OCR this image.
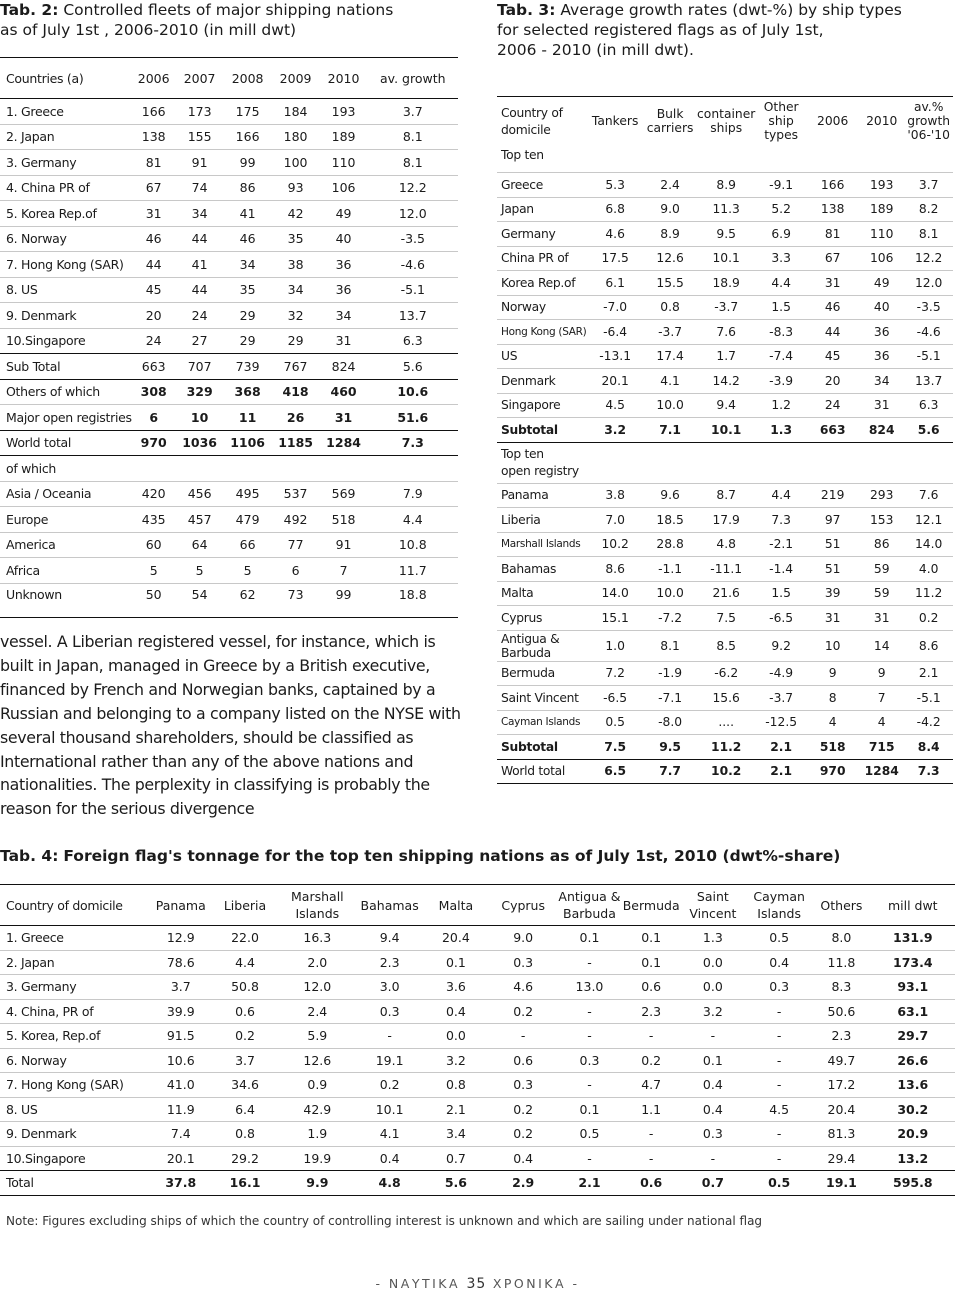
Tab. 2: Controlled fleets of major shipping nations
as of July 1st , 2006-2010 (in mill dwt)
Countries (a)	2006	2007	2008	2009	2010	av. growth
1. Greece	166	173	175	184	193	3.7
2. Japan	138	155	166	180	189	8.1
3. Germany	81	91	99	100	110	8.1
4. China PR of	67	74	86	93	106	12.2
5. Korea Rep.of	31	34	41	42	49	12.0
6. Norway	46	44	46	35	40	-3.5
7. Hong Kong (SAR)	44	41	34	38	36	-4.6
8. US	45	44	35	34	36	-5.1
9. Denmark	20	24	29	32	34	13.7
10.Singapore	24	27	29	29	31	6.3
Sub Total	663	707	739	767	824	5.6
Others of which	308	329	368	418	460	10.6
Major open registries	6	10	11	26	31	51.6
World total	970	1036	1106	1185	1284	7.3
of which						
Asia / Oceania	420	456	495	537	569	7.9
Europe	435	457	479	492	518	4.4
America	60	64	66	77	91	10.8
Africa	5	5	5	6	7	11.7
Unknown	50	54	62	73	99	18.8
vessel. A Liberian registered vessel, for instance, which is built in Japan, managed in Greece by a British executive, financed by French and Norwegian banks, captained by a Russian and belonging to a company listed on the NYSE with several thousand shareholders, should be classified as International rather than any of the above nations and nationalities. The perplexity in classifying is probably the reason for the serious divergence
Tab. 3: Average growth rates (dwt-%) by ship types
for selected registered flags as of July 1st,
2006 - 2010 (in mill dwt).
Country of domicile	Tankers	Bulk carriers	container ships	Other ship types	2006	2010	av.% growth '06-'10
Top ten							
Greece	5.3	2.4	8.9	-9.1	166	193	3.7
Japan	6.8	9.0	11.3	5.2	138	189	8.2
Germany	4.6	8.9	9.5	6.9	81	110	8.1
China PR of	17.5	12.6	10.1	3.3	67	106	12.2
Korea Rep.of	6.1	15.5	18.9	4.4	31	49	12.0
Norway	-7.0	0.8	-3.7	1.5	46	40	-3.5
Hong Kong (SAR)	-6.4	-3.7	7.6	-8.3	44	36	-4.6
US	-13.1	17.4	1.7	-7.4	45	36	-5.1
Denmark	20.1	4.1	14.2	-3.9	20	34	13.7
Singapore	4.5	10.0	9.4	1.2	24	31	6.3
Subtotal	3.2	7.1	10.1	1.3	663	824	5.6
Top ten
open registry							
Panama	3.8	9.6	8.7	4.4	219	293	7.6
Liberia	7.0	18.5	17.9	7.3	97	153	12.1
Marshall Islands	10.2	28.8	4.8	-2.1	51	86	14.0
Bahamas	8.6	-1.1	-11.1	-1.4	51	59	4.0
Malta	14.0	10.0	21.6	1.5	39	59	11.2
Cyprus	15.1	-7.2	7.5	-6.5	31	31	0.2
Antigua & Barbuda	1.0	8.1	8.5	9.2	10	14	8.6
Bermuda	7.2	-1.9	-6.2	-4.9	9	9	2.1
Saint Vincent	-6.5	-7.1	15.6	-3.7	8	7	-5.1
Cayman Islands	0.5	-8.0	....	-12.5	4	4	-4.2
Subtotal	7.5	9.5	11.2	2.1	518	715	8.4
World total	6.5	7.7	10.2	2.1	970	1284	7.3
Tab. 4: Foreign flag's tonnage for the top ten shipping nations as of July 1st, 2010 (dwt%-share)
Country of domicile	Panama	Liberia	Marshall Islands	Bahamas	Malta	Cyprus	Antigua & Barbuda	Bermuda	Saint Vincent	Cayman Islands	Others	mill dwt
1. Greece	12.9	22.0	16.3	9.4	20.4	9.0	0.1	0.1	1.3	0.5	8.0	131.9
2. Japan	78.6	4.4	2.0	2.3	0.1	0.3	-	0.1	0.0	0.4	11.8	173.4
3. Germany	3.7	50.8	12.0	3.0	3.6	4.6	13.0	0.6	0.0	0.3	8.3	93.1
4. China, PR of	39.9	0.6	2.4	0.3	0.4	0.2	-	2.3	3.2	-	50.6	63.1
5. Korea, Rep.of	91.5	0.2	5.9	-	0.0	-	-	-	-	-	2.3	29.7
6. Norway	10.6	3.7	12.6	19.1	3.2	0.6	0.3	0.2	0.1	-	49.7	26.6
7. Hong Kong (SAR)	41.0	34.6	0.9	0.2	0.8	0.3	-	4.7	0.4	-	17.2	13.6
8. US	11.9	6.4	42.9	10.1	2.1	0.2	0.1	1.1	0.4	4.5	20.4	30.2
9. Denmark	7.4	0.8	1.9	4.1	3.4	0.2	0.5	-	0.3	-	81.3	20.9
10.Singapore	20.1	29.2	19.9	0.4	0.7	0.4	-	-	-	-	29.4	13.2
Total	37.8	16.1	9.9	4.8	5.6	2.9	2.1	0.6	0.7	0.5	19.1	595.8
Note: Figures excluding ships of which the country of controlling interest is unknown and which are sailing under national flag
- ΝΑΥΤΙΚΑ 35 ΧΡΟΝΙΚΑ -
